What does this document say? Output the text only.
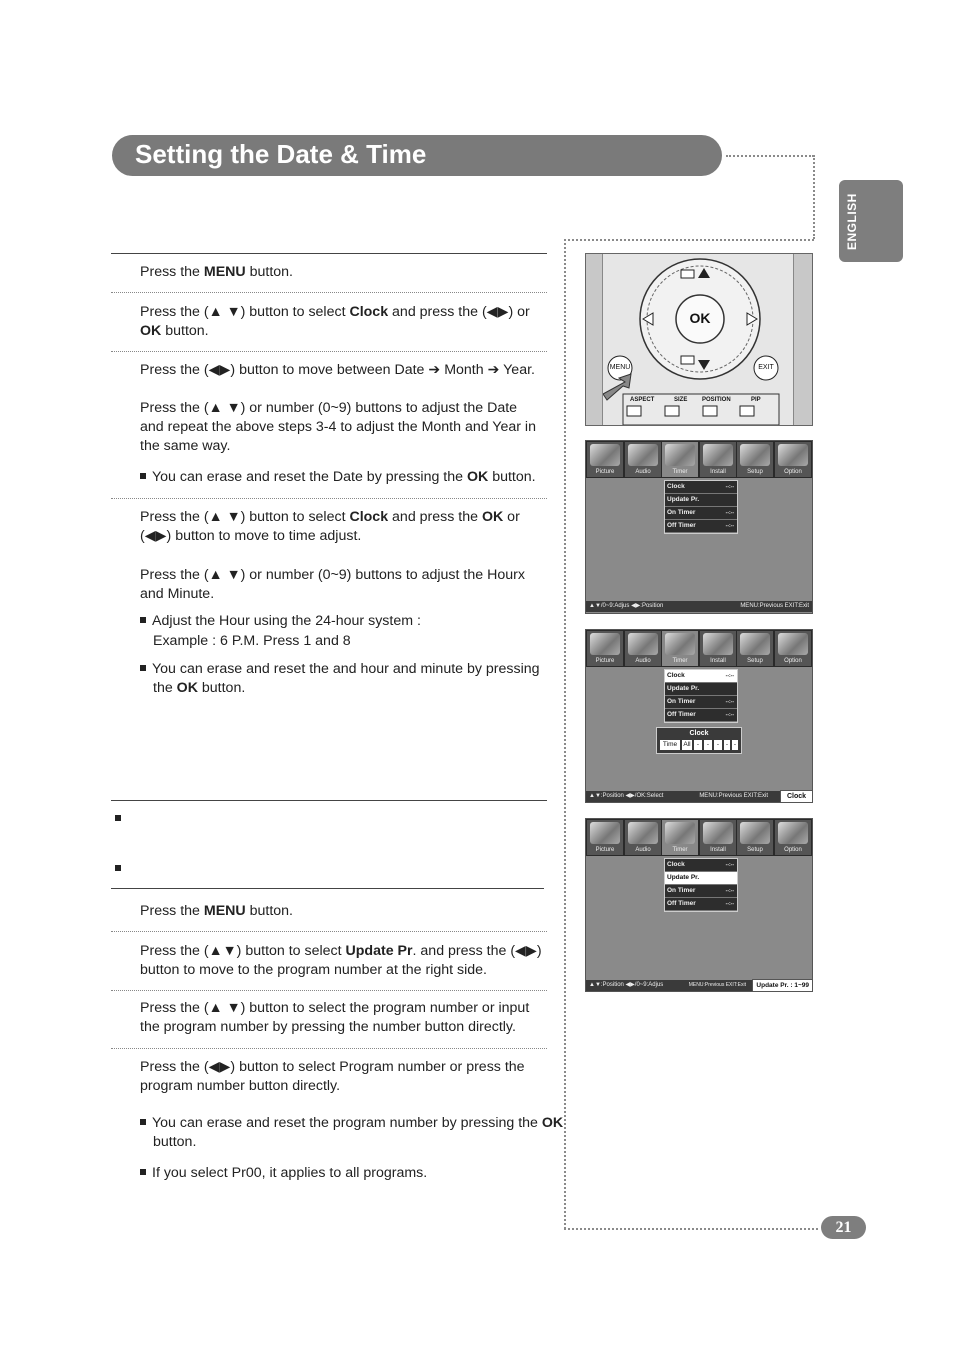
Setting the Date & Time
ENGLISH
21
Press the MENU button.
Press the (▲ ▼) button to select Clock and press the (◀▶) or OK button.
Press the (◀▶) button to move between Date ➔ Month ➔ Year.
Press the (▲ ▼) or number (0~9) buttons to adjust the Date and repeat the above steps 3-4 to adjust the Month and Year in the same way.
You can erase and reset the Date by pressing the OK button.
Press the (▲ ▼) button to select Clock and press the OK or (◀▶) button to move to time adjust.
Press the (▲ ▼) or number (0~9) buttons to adjust the Hourx and Minute.
Adjust the Hour using the 24-hour system :
Example : 6 P.M. Press 1 and 8
You can erase and reset the and hour and minute by pressing the OK button.
Press the MENU button.
Press the (▲▼) button to select Update Pr. and press the (◀▶) button to move to the program number at the right side.
Press the (▲ ▼) button to select the program number or input the program number by pressing the number button directly.
Press the (◀▶) button to select Program number or press the program number button directly.
You can erase and reset the program number by pressing the OK button.
If you select Pr00, it applies to all programs.
OK
MENU	EXIT
ASPECT	SIZE POSITION	PIP
Picture	Audio	Timer	Install	Setup	Option
Clock	--:--
Update Pr.
On Timer	--:--
Off Timer	--:--
▲▼/0~9:Adjus ◀▶:Position	MENU:Previous EXIT:Exit
Picture	Audio	Timer	Install	Setup	Option
Clock	--:--
Update Pr.
On Timer	--:--
Off Timer	--:--
Clock
Time All -	-	-	- -
▲▼:Position ◀▶/OK:Select	MENU:Previous EXIT:Exit	Clock
Picture	Audio	Timer	Install	Setup	Option
Clock	--:--
Update Pr.
On Timer	--:--
Off Timer	--:--
▲▼:Position ◀▶/0~9:Adjus	MENU:Previous EXIT:Exit	Update Pr. : 1~99
